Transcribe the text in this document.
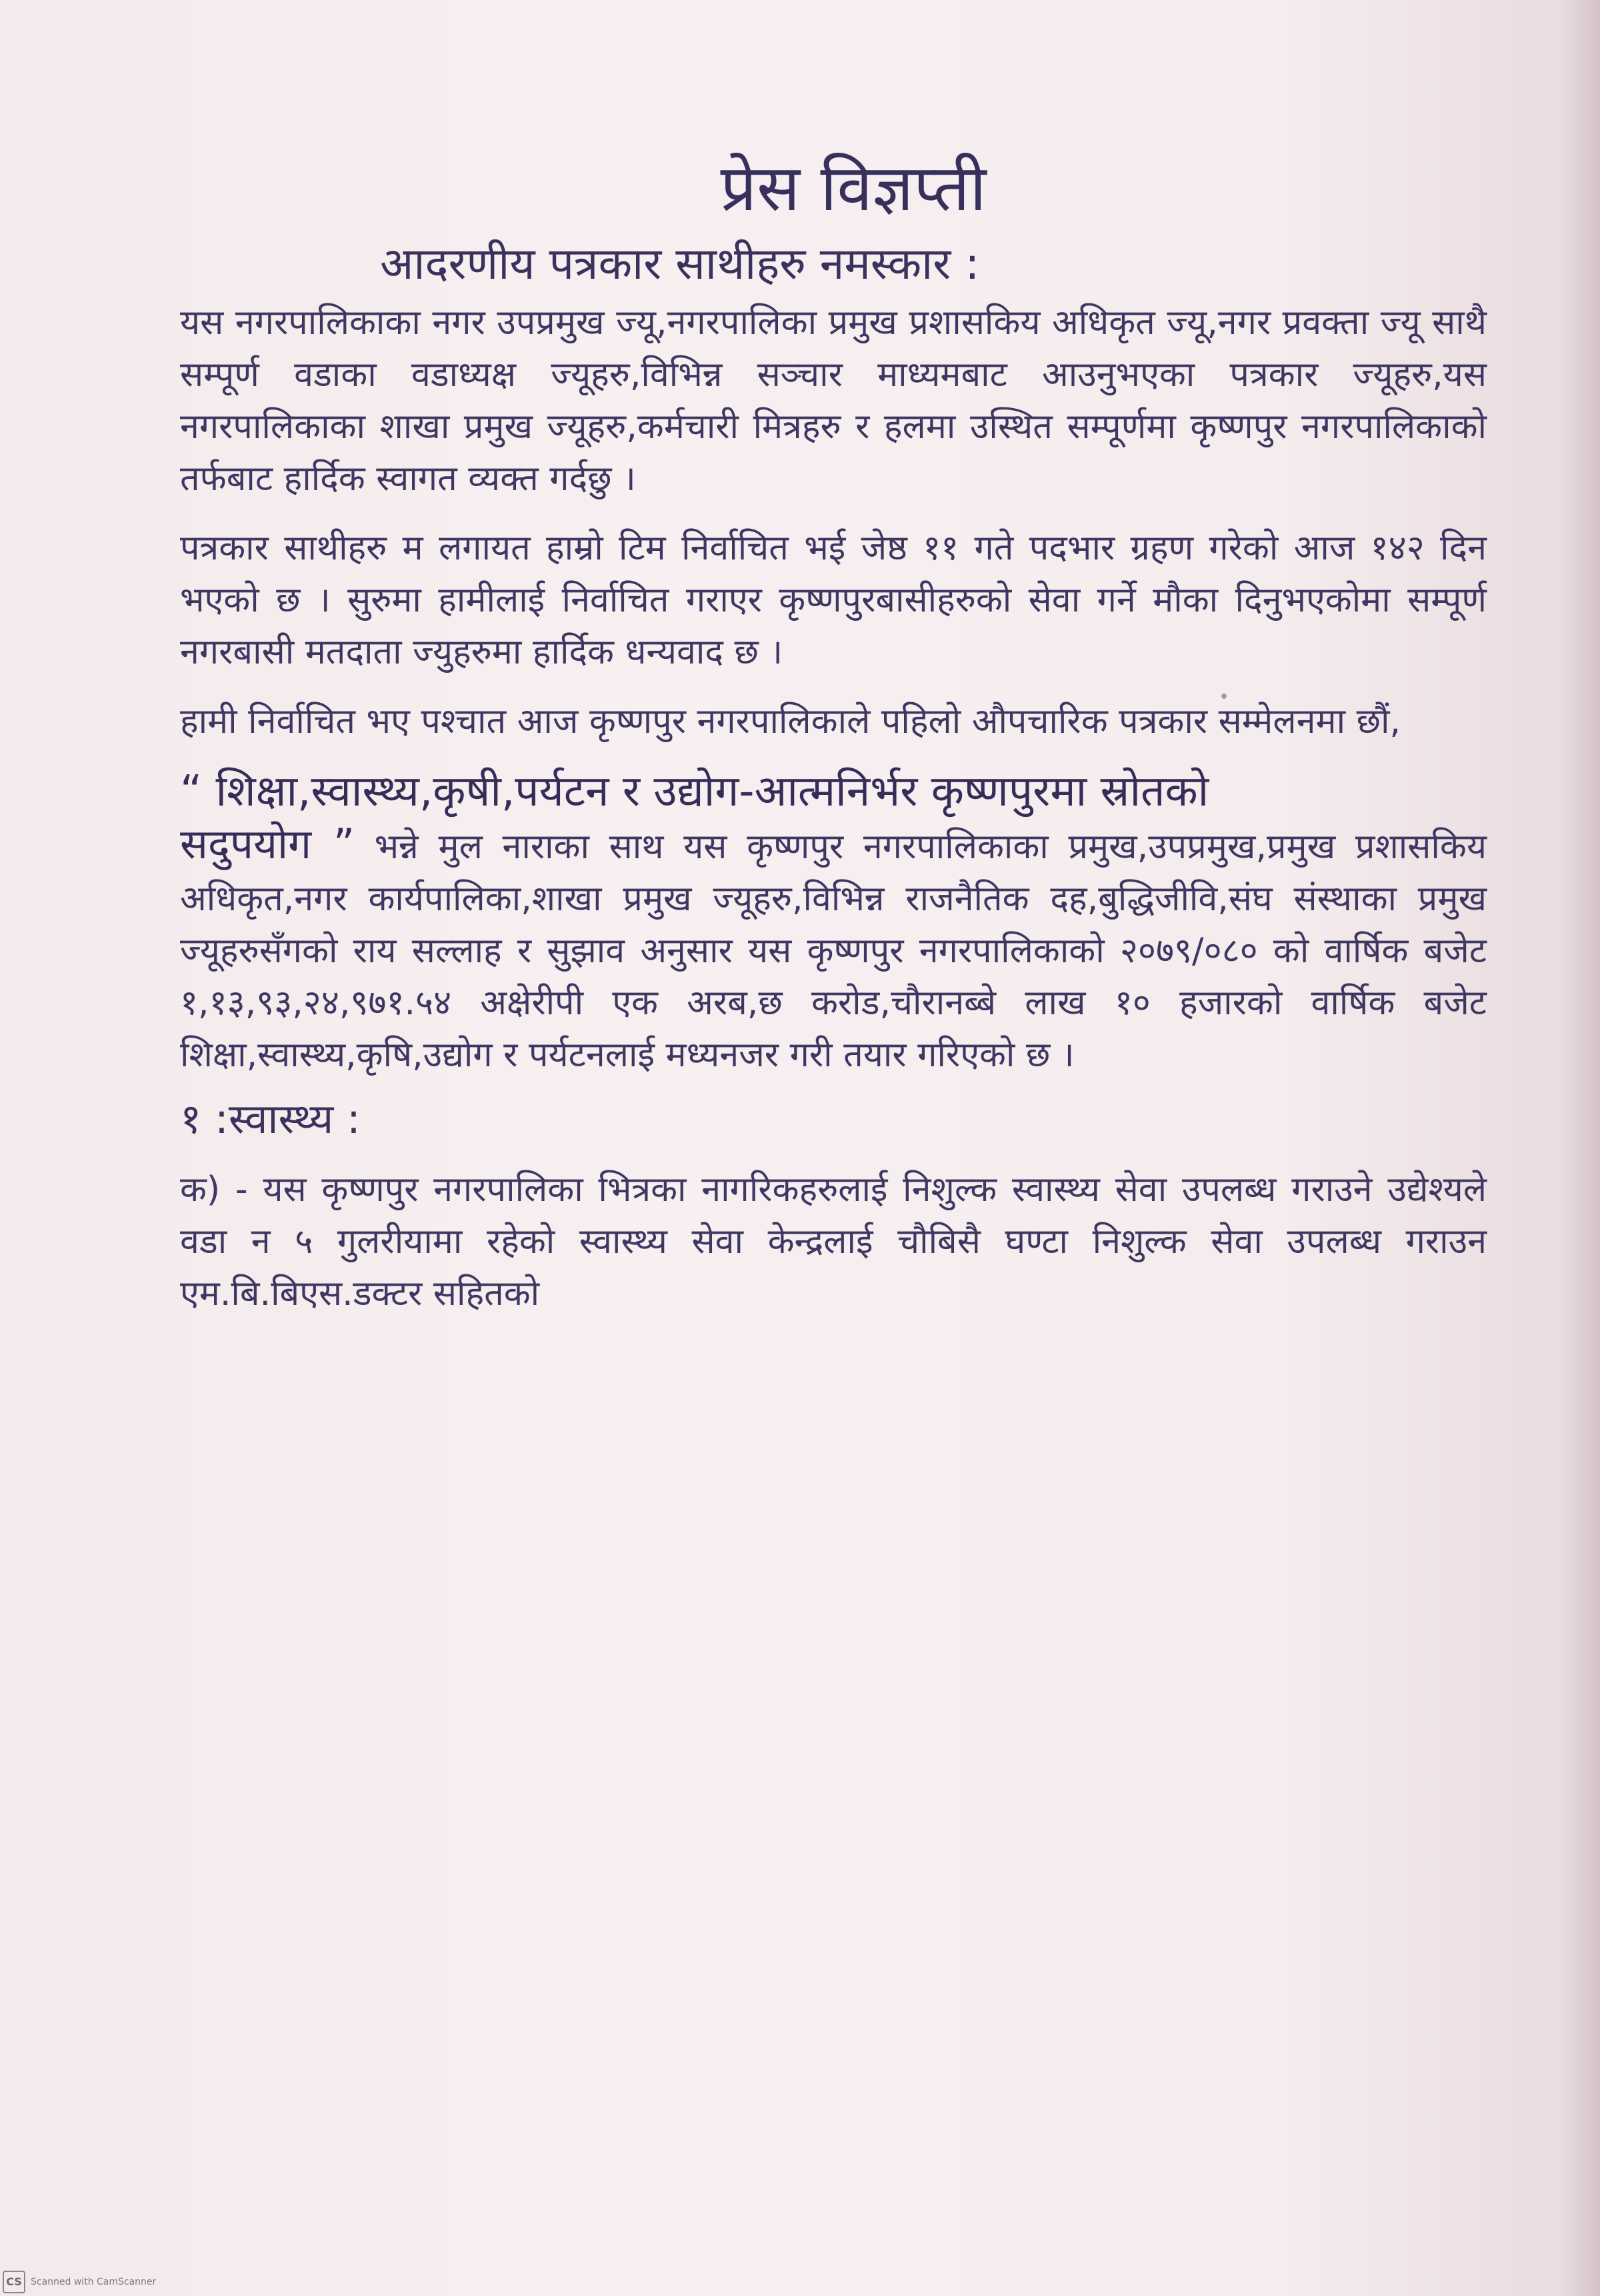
प्रेस विज्ञप्ती
आदरणीय पत्रकार साथीहरु नमस्कार :

यस नगरपालिकाका नगर उपप्रमुख ज्यू,नगरपालिका प्रमुख प्रशासकिय अधिकृत ज्यू,नगर प्रवक्ता ज्यू साथै सम्पूर्ण वडाका वडाध्यक्ष ज्यूहरु,विभिन्न सञ्चार माध्यमबाट आउनुभएका पत्रकार ज्यूहरु,यस नगरपालिकाका शाखा प्रमुख ज्यूहरु,कर्मचारी मित्रहरु र हलमा उस्थित सम्पूर्णमा कृष्णपुर नगरपालिकाको तर्फबाट हार्दिक स्वागत व्यक्त गर्दछु ।

पत्रकार साथीहरु म लगायत हाम्रो टिम निर्वाचित भई जेष्ठ ११ गते पदभार ग्रहण गरेको आज १४२ दिन भएको छ । सुरुमा हामीलाई निर्वाचित गराएर कृष्णपुरबासीहरुको सेवा गर्ने मौका दिनुभएकोमा सम्पूर्ण नगरबासी मतदाता ज्युहरुमा हार्दिक धन्यवाद छ ।

हामी निर्वाचित भए पश्चात आज कृष्णपुर नगरपालिकाले पहिलो औपचारिक पत्रकार सम्मेलनमा छौं,

“ शिक्षा,स्वास्थ्य,कृषी,पर्यटन र उद्योग-आत्मनिर्भर कृष्णपुरमा स्रोतको

सदुपयोग ” भन्ने मुल नाराका साथ यस कृष्णपुर नगरपालिकाका प्रमुख,उपप्रमुख,प्रमुख प्रशासकिय अधिकृत,नगर कार्यपालिका,शाखा प्रमुख ज्यूहरु,विभिन्न राजनैतिक दह,बुद्धिजीवि,संघ संस्थाका प्रमुख ज्यूहरुसँगको राय सल्लाह र सुझाव अनुसार यस कृष्णपुर नगरपालिकाको २०७९/०८० को वार्षिक बजेट १,१३,९३,२४,९७१.५४ अक्षेरीपी एक अरब,छ करोड,चौरानब्बे लाख १० हजारको वार्षिक बजेट शिक्षा,स्वास्थ्य,कृषि,उद्योग र पर्यटनलाई मध्यनजर गरी तयार गरिएको छ ।

१ :स्वास्थ्य :

क) - यस कृष्णपुर नगरपालिका भित्रका नागरिकहरुलाई निशुल्क स्वास्थ्य सेवा उपलब्ध गराउने उद्येश्यले वडा न ५ गुलरीयामा रहेको स्वास्थ्य सेवा केन्द्रलाई चौबिसै घण्टा निशुल्क सेवा उपलब्ध गराउन एम.बि.बिएस.डक्टर सहितको

CS Scanned with CamScanner
